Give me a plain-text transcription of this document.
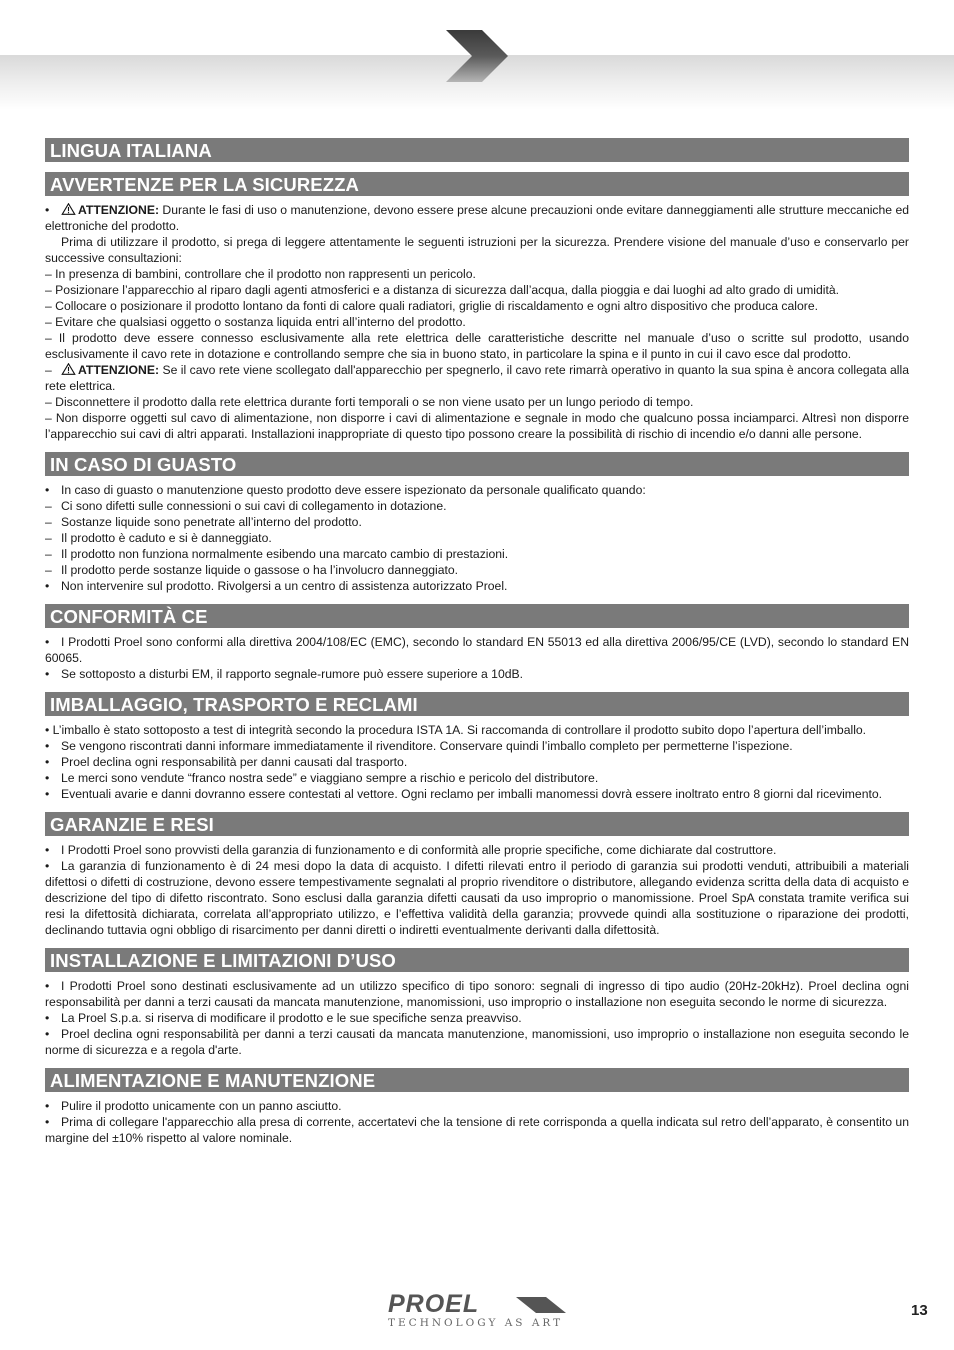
LINGUA ITALIANA
AVVERTENZE PER LA SICUREZZA

• ATTENZIONE: Durante le fasi di uso o manutenzione, devono essere prese alcune precauzioni onde evitare danneggiamenti alle strutture meccaniche ed elettroniche del prodotto.

Prima di utilizzare il prodotto, si prega di leggere attentamente le seguenti istruzioni per la sicurezza. Prendere visione del manuale d’uso e conservarlo per successive consultazioni:

– In presenza di bambini, controllare che il prodotto non rappresenti un pericolo.

– Posizionare l’apparecchio al riparo dagli agenti atmosferici e a distanza di sicurezza dall’acqua, dalla pioggia e dai luoghi ad alto grado di umidità.

– Collocare o posizionare il prodotto lontano da fonti di calore quali radiatori, griglie di riscaldamento e ogni altro dispositivo che produca calore.

– Evitare che qualsiasi oggetto o sostanza liquida entri all’interno del prodotto.

– Il prodotto deve essere connesso esclusivamente alla rete elettrica delle caratteristiche descritte nel manuale d’uso o scritte sul prodotto, usando esclusivamente il cavo rete in dotazione e controllando sempre che sia in buono stato, in particolare la spina e il punto in cui il cavo esce dal prodotto.

– ATTENZIONE: Se il cavo rete viene scollegato dall'apparecchio per spegnerlo, il cavo rete rimarrà operativo in quanto la sua spina è ancora collegata alla rete elettrica.

– Disconnettere il prodotto dalla rete elettrica durante forti temporali o se non viene usato per un lungo periodo di tempo.

– Non disporre oggetti sul cavo di alimentazione, non disporre i cavi di alimentazione e segnale in modo che qualcuno possa inciamparci. Altresì non disporre l’apparecchio sui cavi di altri apparati. Installazioni inappropriate di questo tipo possono creare la possibilità di rischio di incendio e/o danni alle persone.

IN CASO DI GUASTO

• In caso di guasto o manutenzione questo prodotto deve essere ispezionato da personale qualificato quando:

– Ci sono difetti sulle connessioni o sui cavi di collegamento in dotazione.

– Sostanze liquide sono penetrate all’interno del prodotto.

– Il prodotto è caduto e si è danneggiato.

– Il prodotto non funziona normalmente esibendo una marcato cambio di prestazioni.

– Il prodotto perde sostanze liquide o gassose o ha l’involucro danneggiato.

• Non intervenire sul prodotto. Rivolgersi a un centro di assistenza autorizzato Proel.

CONFORMITÀ CE

• I Prodotti Proel sono conformi alla direttiva 2004/108/EC (EMC), secondo lo standard EN 55013 ed alla direttiva 2006/95/CE (LVD), secondo lo standard EN 60065.

• Se sottoposto a disturbi EM, il rapporto segnale-rumore può essere superiore a 10dB.

IMBALLAGGIO, TRASPORTO E RECLAMI

• L’imballo è stato sottoposto a test di integrità secondo la procedura ISTA 1A. Si raccomanda di controllare il prodotto subito dopo l’apertura dell’imballo.

• Se vengono riscontrati danni informare immediatamente il rivenditore. Conservare quindi l’imballo completo per permetterne l’ispezione.

• Proel declina ogni responsabilità per danni causati dal trasporto.

• Le merci sono vendute “franco nostra sede” e viaggiano sempre a rischio e pericolo del distributore.

• Eventuali avarie e danni dovranno essere contestati al vettore. Ogni reclamo per imballi manomessi dovrà essere inoltrato entro 8 giorni dal ricevimento.

GARANZIE E RESI

• I Prodotti Proel sono provvisti della garanzia di funzionamento e di conformità alle proprie specifiche, come dichiarate dal costruttore.

• La garanzia di funzionamento è di 24 mesi dopo la data di acquisto. I difetti rilevati entro il periodo di garanzia sui prodotti venduti, attribuibili a materiali difettosi o difetti di costruzione, devono essere tempestivamente segnalati al proprio rivenditore o distributore, allegando evidenza scritta della data di acquisto e descrizione del tipo di difetto riscontrato. Sono esclusi dalla garanzia difetti causati da uso improprio o manomissione. Proel SpA constata tramite verifica sui resi la difettosità dichiarata, correlata all’appropriato utilizzo, e l’effettiva validità della garanzia; provvede quindi alla sostituzione o riparazione dei prodotti, declinando tuttavia ogni obbligo di risarcimento per danni diretti o indiretti eventualmente derivanti dalla difettosità.

INSTALLAZIONE E LIMITAZIONI D’USO

• I Prodotti Proel sono destinati esclusivamente ad un utilizzo specifico di tipo sonoro: segnali di ingresso di tipo audio (20Hz-20kHz). Proel declina ogni responsabilità per danni a terzi causati da mancata manutenzione, manomissioni, uso improprio o installazione non eseguita secondo le norme di sicurezza.

• La Proel S.p.a. si riserva di modificare il prodotto e le sue specifiche senza preavviso.

• Proel declina ogni responsabilità per danni a terzi causati da mancata manutenzione, manomissioni, uso improprio o installazione non eseguita secondo le norme di sicurezza e a regola d'arte.

ALIMENTAZIONE E MANUTENZIONE

• Pulire il prodotto unicamente con un panno asciutto.

• Prima di collegare l'apparecchio alla presa di corrente, accertatevi che la tensione di rete corrisponda a quella indicata sul retro dell’apparato, è consentito un margine del ±10% rispetto al valore nominale.

PROEL
TECHNOLOGY AS ART
13
